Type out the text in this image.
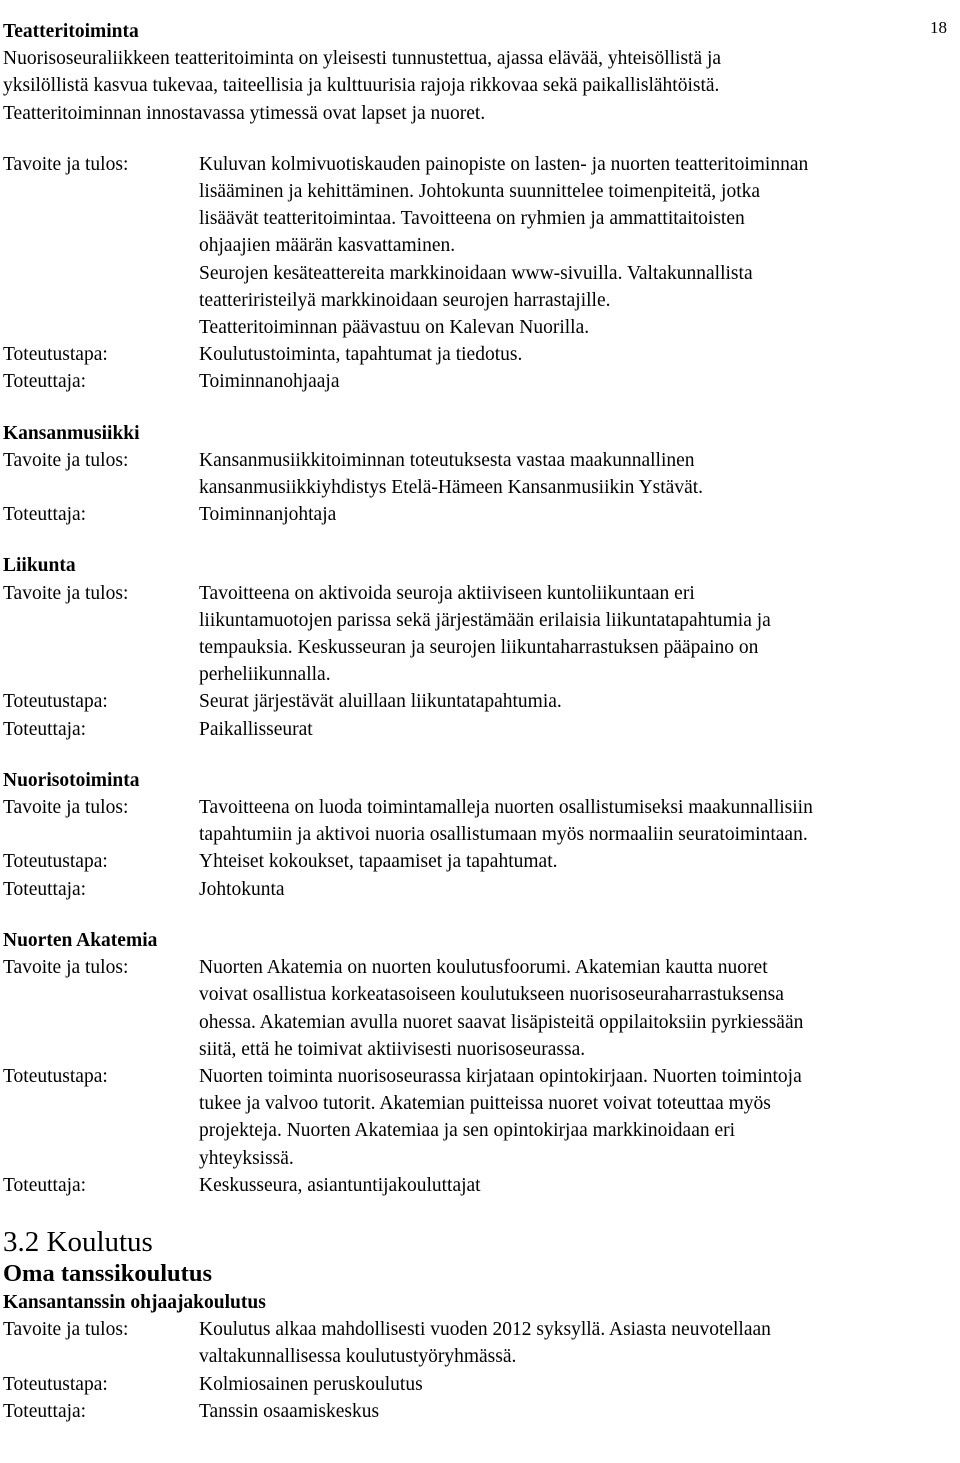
18
Teatteritoiminta

Nuorisoseuraliikkeen teatteritoiminta on yleisesti tunnustettua, ajassa elävää, yhteisöllistä ja

yksilöllistä kasvua tukevaa, taiteellisia ja kulttuurisia rajoja rikkovaa sekä paikallislähtöistä.

Teatteritoiminnan innostavassa ytimessä ovat lapset ja nuoret.

Tavoite ja tulos:	Kuluvan kolmivuotiskauden painopiste on lasten- ja nuorten teatteritoiminnan

lisääminen ja kehittäminen. Johtokunta suunnittelee toimenpiteitä, jotka

lisäävät teatteritoimintaa. Tavoitteena on ryhmien ja ammattitaitoisten

ohjaajien määrän kasvattaminen.

Seurojen kesäteattereita markkinoidaan www-sivuilla. Valtakunnallista

teatteriristeilyä markkinoidaan seurojen harrastajille.

Teatteritoiminnan päävastuu on Kalevan Nuorilla.

Toteutustapa:	Koulutustoiminta, tapahtumat ja tiedotus.
Toteuttaja:	Toiminnanohjaaja
Kansanmusiikki
Tavoite ja tulos:	Kansanmusiikkitoiminnan toteutuksesta vastaa maakunnallinen

kansanmusiikkiyhdistys Etelä-Hämeen Kansanmusiikin Ystävät.

Toteuttaja:	Toiminnanjohtaja
Liikunta
Tavoite ja tulos:	Tavoitteena on aktivoida seuroja aktiiviseen kuntoliikuntaan eri

liikuntamuotojen parissa sekä järjestämään erilaisia liikuntatapahtumia ja

tempauksia. Keskusseuran ja seurojen liikuntaharrastuksen pääpaino on

perheliikunnalla.

Toteutustapa:	Seurat järjestävät aluillaan liikuntatapahtumia.
Toteuttaja:	Paikallisseurat
Nuorisotoiminta
Tavoite ja tulos:	Tavoitteena on luoda toimintamalleja nuorten osallistumiseksi maakunnallisiin

tapahtumiin ja aktivoi nuoria osallistumaan myös normaaliin seuratoimintaan.

Toteutustapa:	Yhteiset kokoukset, tapaamiset ja tapahtumat.
Toteuttaja:	Johtokunta
Nuorten Akatemia
Tavoite ja tulos:	Nuorten Akatemia on nuorten koulutusfoorumi. Akatemian kautta nuoret

voivat osallistua korkeatasoiseen koulutukseen nuorisoseuraharrastuksensa

ohessa. Akatemian avulla nuoret saavat lisäpisteitä oppilaitoksiin pyrkiessään

siitä, että he toimivat aktiivisesti nuorisoseurassa.

Toteutustapa:	Nuorten toiminta nuorisoseurassa kirjataan opintokirjaan. Nuorten toimintoja

tukee ja valvoo tutorit. Akatemian puitteissa nuoret voivat toteuttaa myös

projekteja. Nuorten Akatemiaa ja sen opintokirjaa markkinoidaan eri

yhteyksissä.

Toteuttaja:	Keskusseura, asiantuntijakouluttajat
3.2 Koulutus
Oma tanssikoulutus
Kansantanssin ohjaajakoulutus
Tavoite ja tulos:	Koulutus alkaa mahdollisesti vuoden 2012 syksyllä. Asiasta neuvotellaan

valtakunnallisessa koulutustyöryhmässä.

Toteutustapa:	Kolmiosainen peruskoulutus
Toteuttaja:	Tanssin osaamiskeskus
